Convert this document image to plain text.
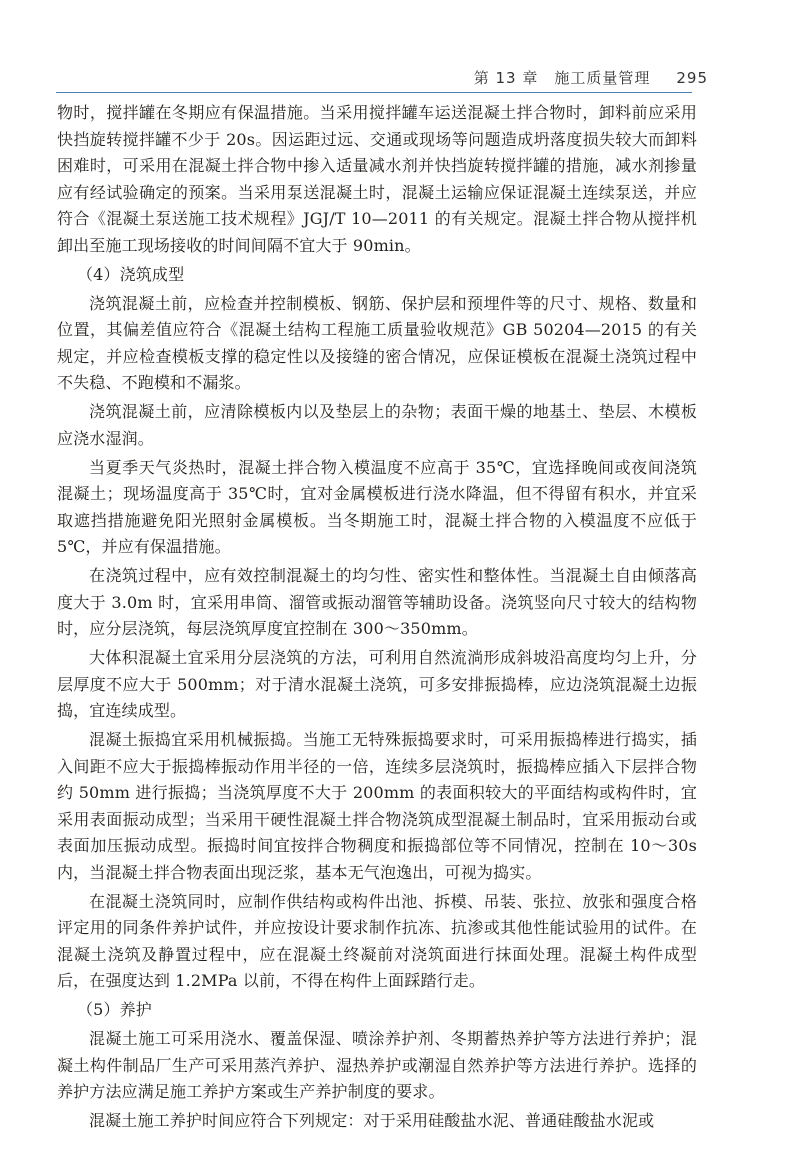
第 13 章　施工质量管理 295

物时，搅拌罐在冬期应有保温措施。当采用搅拌罐车运送混凝土拌合物时，卸料前应采用快挡旋转搅拌罐不少于 20s。因运距过远、交通或现场等问题造成坍落度损失较大而卸料困难时，可采用在混凝土拌合物中掺入适量减水剂并快挡旋转搅拌罐的措施，减水剂掺量应有经试验确定的预案。当采用泵送混凝土时，混凝土运输应保证混凝土连续泵送，并应符合《混凝土泵送施工技术规程》JGJ/T 10—2011 的有关规定。混凝土拌合物从搅拌机卸出至施工现场接收的时间间隔不宜大于 90min。

（4）浇筑成型

浇筑混凝土前，应检查并控制模板、钢筋、保护层和预埋件等的尺寸、规格、数量和位置，其偏差值应符合《混凝土结构工程施工质量验收规范》GB 50204—2015 的有关规定，并应检查模板支撑的稳定性以及接缝的密合情况，应保证模板在混凝土浇筑过程中不失稳、不跑模和不漏浆。

浇筑混凝土前，应清除模板内以及垫层上的杂物；表面干燥的地基土、垫层、木模板应浇水湿润。

当夏季天气炎热时，混凝土拌合物入模温度不应高于 35℃，宜选择晚间或夜间浇筑混凝土；现场温度高于 35℃时，宜对金属模板进行浇水降温，但不得留有积水，并宜采取遮挡措施避免阳光照射金属模板。当冬期施工时，混凝土拌合物的入模温度不应低于 5℃，并应有保温措施。

在浇筑过程中，应有效控制混凝土的均匀性、密实性和整体性。当混凝土自由倾落高度大于 3.0m 时，宜采用串筒、溜管或振动溜管等辅助设备。浇筑竖向尺寸较大的结构物时，应分层浇筑，每层浇筑厚度宜控制在 300～350mm。

大体积混凝土宜采用分层浇筑的方法，可利用自然流淌形成斜坡沿高度均匀上升，分层厚度不应大于 500mm；对于清水混凝土浇筑，可多安排振捣棒，应边浇筑混凝土边振捣，宜连续成型。

混凝土振捣宜采用机械振捣。当施工无特殊振捣要求时，可采用振捣棒进行捣实，插入间距不应大于振捣棒振动作用半径的一倍，连续多层浇筑时，振捣棒应插入下层拌合物约 50mm 进行振捣；当浇筑厚度不大于 200mm 的表面积较大的平面结构或构件时，宜采用表面振动成型；当采用干硬性混凝土拌合物浇筑成型混凝土制品时，宜采用振动台或表面加压振动成型。振捣时间宜按拌合物稠度和振捣部位等不同情况，控制在 10～30s 内，当混凝土拌合物表面出现泛浆，基本无气泡逸出，可视为捣实。

在混凝土浇筑同时，应制作供结构或构件出池、拆模、吊装、张拉、放张和强度合格评定用的同条件养护试件，并应按设计要求制作抗冻、抗渗或其他性能试验用的试件。在混凝土浇筑及静置过程中，应在混凝土终凝前对浇筑面进行抹面处理。混凝土构件成型后，在强度达到 1.2MPa 以前，不得在构件上面踩踏行走。

（5）养护

混凝土施工可采用浇水、覆盖保湿、喷涂养护剂、冬期蓄热养护等方法进行养护；混凝土构件制品厂生产可采用蒸汽养护、湿热养护或潮湿自然养护等方法进行养护。选择的养护方法应满足施工养护方案或生产养护制度的要求。

混凝土施工养护时间应符合下列规定：对于采用硅酸盐水泥、普通硅酸盐水泥或
